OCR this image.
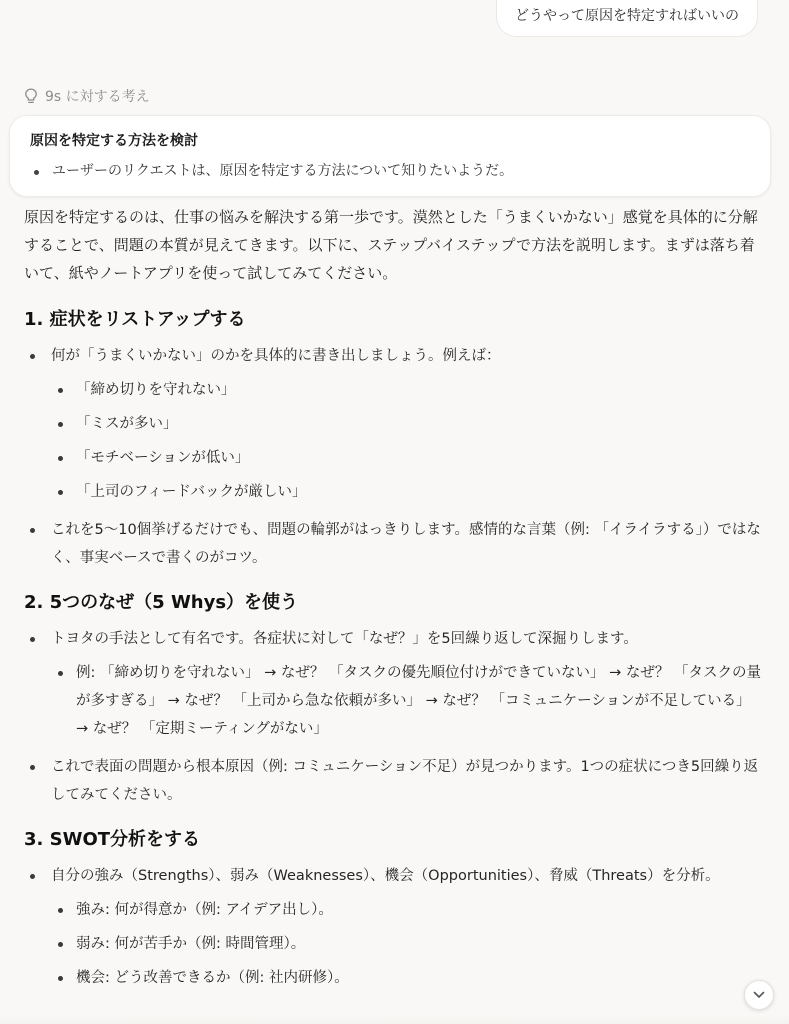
どうやって原因を特定すればいいの
9s に対する考え
原因を特定する方法を検討
ユーザーのリクエストは、原因を特定する方法について知りたいようだ。

原因を特定するのは、仕事の悩みを解決する第一歩です。漠然とした「うまくいかない」感覚を具体的に分解することで、問題の本質が見えてきます。以下に、ステップバイステップで方法を説明します。まずは落ち着いて、紙やノートアプリを使って試してみてください。

1. 症状をリストアップする
何が「うまくいかない」のかを具体的に書き出しましょう。例えば：
「締め切りを守れない」
「ミスが多い」
「モチベーションが低い」
「上司のフィードバックが厳しい」
これを5〜10個挙げるだけでも、問題の輪郭がはっきりします。感情的な言葉（例: 「イライラする」）ではなく、事実ベースで書くのがコツ。
2. 5つのなぜ（5 Whys）を使う
トヨタの手法として有名です。各症状に対して「なぜ？」を5回繰り返して深掘りします。
例: 「締め切りを守れない」 → なぜ？ 「タスクの優先順位付けができていない」 → なぜ？ 「タスクの量が多すぎる」 → なぜ？ 「上司から急な依頼が多い」 → なぜ？ 「コミュニケーションが不足している」 → なぜ？ 「定期ミーティングがない」
これで表面の問題から根本原因（例: コミュニケーション不足）が見つかります。1つの症状につき5回繰り返してみてください。
3. SWOT分析をする
自分の強み（Strengths）、弱み（Weaknesses）、機会（Opportunities）、脅威（Threats）を分析。
強み: 何が得意か（例: アイデア出し）。
弱み: 何が苦手か（例: 時間管理）。
機会: どう改善できるか（例: 社内研修）。
